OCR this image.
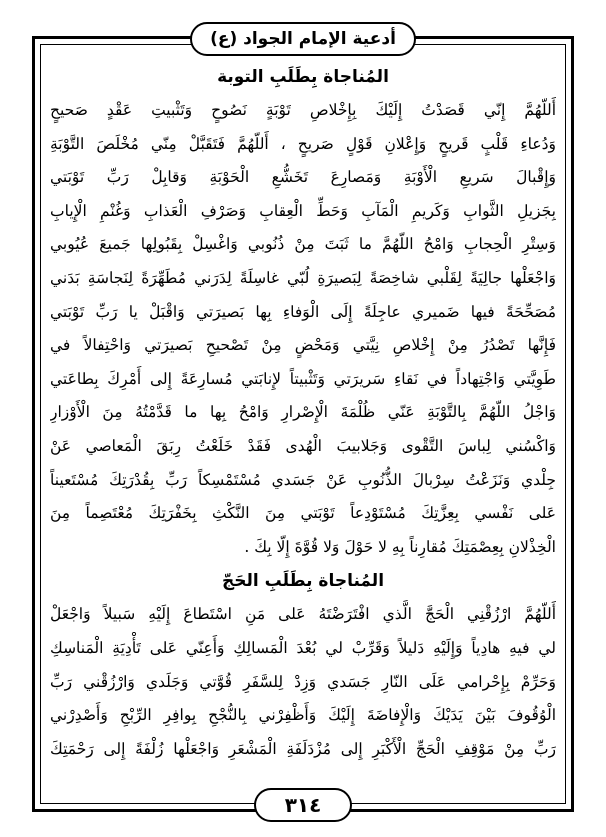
أدعية الإمام الجواد (ع)
المُناجاة بِطَلَبِ التوبة
أَللّهُمَّ إِنّي قَصَدْتُ إِلَيْكَ بِإِخْلاصِ تَوْبَةٍ نَصُوحٍ وَتَثْبيتِ عَقْدٍ صَحيحٍ
وَدُعاءِ قَلْبٍ قَريحٍ وَإِعْلانِ قَوْلٍ صَريحٍ ، أَللّهُمَّ فَتَقَبَّلْ مِنّي مُخْلَصَ التَّوْبَةِ
وَإِقْبالَ سَريعِ الْأَوْبَةِ وَمَصارِعَ تَخَشُّعِ الْحَوْبَةِ وَقابِلْ رَبِّ تَوْبَتي
بِجَزيلِ الثَّوابِ وَكَريمِ الْمَآبِ وَحَطِّ الْعِقابِ وَصَرْفِ الْعَذابِ وَغُنْمِ الْإِيابِ
وَسِتْرِ الْحِجابِ وَامْحُ اللّهُمَّ ما ثَبَتَ مِنْ ذُنُوبي وَاغْسِلْ بِقَبُولِها جَميعَ عُيُوبي
وَاجْعَلْها جالِيَةً لِقَلْبي شاخِصَةً لِبَصيرَةِ لُبّي غاسِلَةً لِدَرَني مُطَهِّرَةً لِنَجاسَةِ بَدَني
مُصَحِّحَةً فيها ضَميري عاجِلَةً إِلَى الْوَفاءِ بِها بَصيرَتي وَاقْبَلْ يا رَبِّ تَوْبَتي
فَإِنَّها تَصْدُرُ مِنْ إِخْلاصِ نِيَّتي وَمَحْضٍ مِنْ تَصْحيحِ بَصيرَتي وَاحْتِفالاً في
طَوِيَّتي وَاجْتِهاداً في نَقاءِ سَريرَتي وَتَثْبيتاً لإِنابَتي مُسارِعَةً إِلى أَمْرِكَ بِطاعَتي
وَاجْلُ اللّهُمَّ بِالتَّوْبَةِ عَنّي ظُلْمَةَ الْإِصْرارِ وَامْحُ بِها ما قَدَّمْتُهُ مِنَ الْأَوْزارِ
وَاكْسُني لِباسَ التَّقْوى وَجَلابيبَ الْهُدى فَقَدْ خَلَعْتُ رِبَقَ الْمَعاصي عَنْ
جِلْدي وَنَزَعْتُ سِرْبالَ الذُّنُوبِ عَنْ جَسَدي مُسْتَمْسِكاً رَبِّ بِقُدْرَتِكَ مُسْتَعيناً
عَلى نَفْسي بِعِزَّتِكَ مُسْتَوْدِعاً تَوْبَتي مِنَ النَّكْثِ بِخَفْرَتِكَ مُعْتَصِماً مِنَ
الْخِذْلانِ بِعِصْمَتِكَ مُقارِناً بِهِ لا حَوْلَ وَلا قُوَّةَ إِلّا بِكَ .
المُناجاة بِطَلَبِ الحَجّ
أَللّهُمَّ ارْزُقْنِي الْحَجَّ الَّذي افْتَرَضْتَهُ عَلى مَنِ اسْتَطاعَ إِلَيْهِ سَبيلاً وَاجْعَلْ
لي فيهِ هادِياً وَإِلَيْهِ دَليلاً وَقَرِّبْ لي بُعْدَ الْمَسالِكِ وَأَعِنّي عَلى تَأْدِيَةِ الْمَناسِكِ
وَحَرِّمْ بِإِحْرامي عَلَى النّارِ جَسَدي وَزِدْ لِلسَّفَرِ قُوَّتي وَجَلَدي وَارْزُقْني رَبِّ
الْوُقُوفَ بَيْنَ يَدَيْكَ وَالْإِفاضَةَ إِلَيْكَ وَأَظْفِرْني بِالنُّجْحِ بِوافِرِ الرِّبْحِ وَأَصْدِرْني
رَبِّ مِنْ مَوْقِفِ الْحَجِّ الْأَكْبَرِ إِلى مُزْدَلَفَةِ الْمَشْعَرِ وَاجْعَلْها زُلْفَةً إِلى رَحْمَتِكَ
٣١٤
